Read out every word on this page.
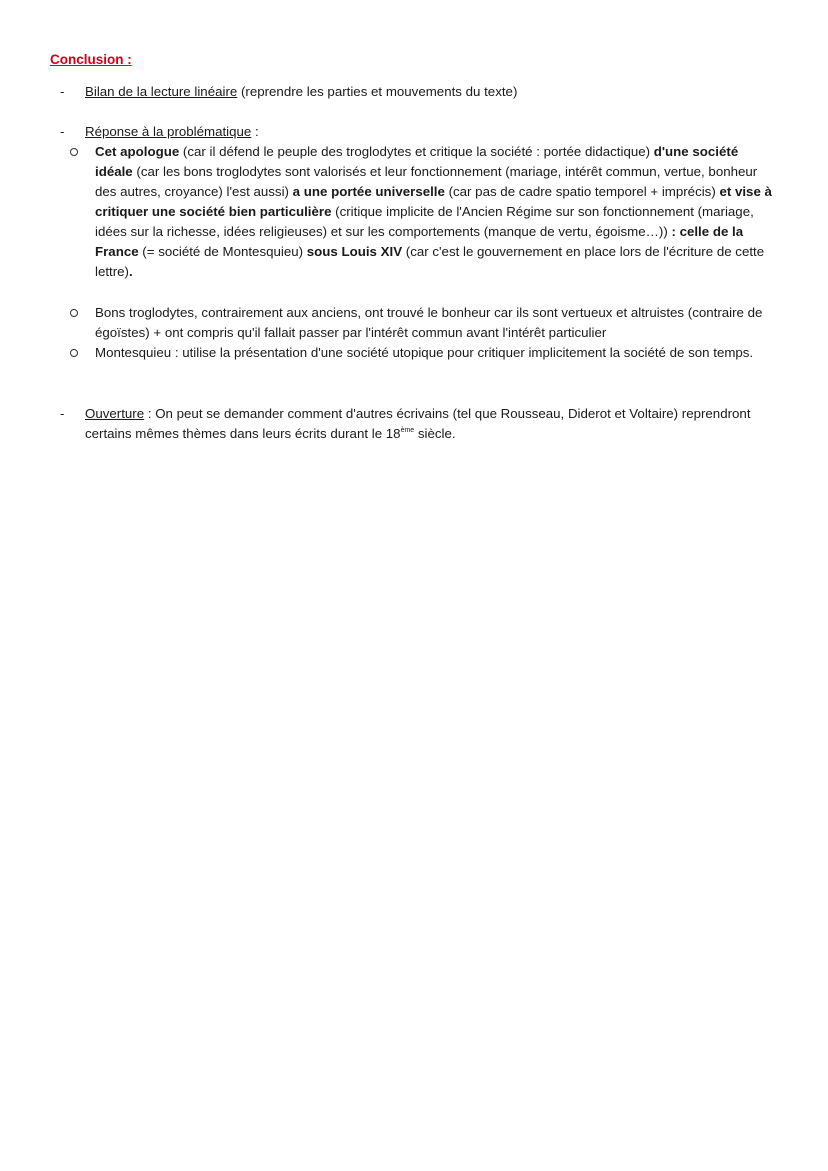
Conclusion :
-	Bilan de la lecture linéaire (reprendre les parties et mouvements du texte)
-	Réponse à la problématique :
Cet apologue (car il défend le peuple des troglodytes et critique la société : portée didactique) d'une société idéale (car les bons troglodytes sont valorisés et leur fonctionnement (mariage, intérêt commun, vertue, bonheur des autres, croyance) l'est aussi) a une portée universelle (car pas de cadre spatio temporel + imprécis) et vise à critiquer une société bien particulière (critique implicite de l'Ancien Régime sur son fonctionnement (mariage, idées sur la richesse, idées religieuses) et sur les comportements (manque de vertu, égoisme…)) : celle de la France (= société de Montesquieu) sous Louis XIV (car c'est le gouvernement en place lors de l'écriture de cette lettre).
Bons troglodytes, contrairement aux anciens, ont trouvé le bonheur car ils sont vertueux et altruistes (contraire de égoïstes) + ont compris qu'il fallait passer par l'intérêt commun avant l'intérêt particulier
Montesquieu : utilise la présentation d'une société utopique pour critiquer implicitement la société de son temps.
-	Ouverture : On peut se demander comment d'autres écrivains (tel que Rousseau, Diderot et Voltaire) reprendront certains mêmes thèmes dans leurs écrits durant le 18ème siècle.
